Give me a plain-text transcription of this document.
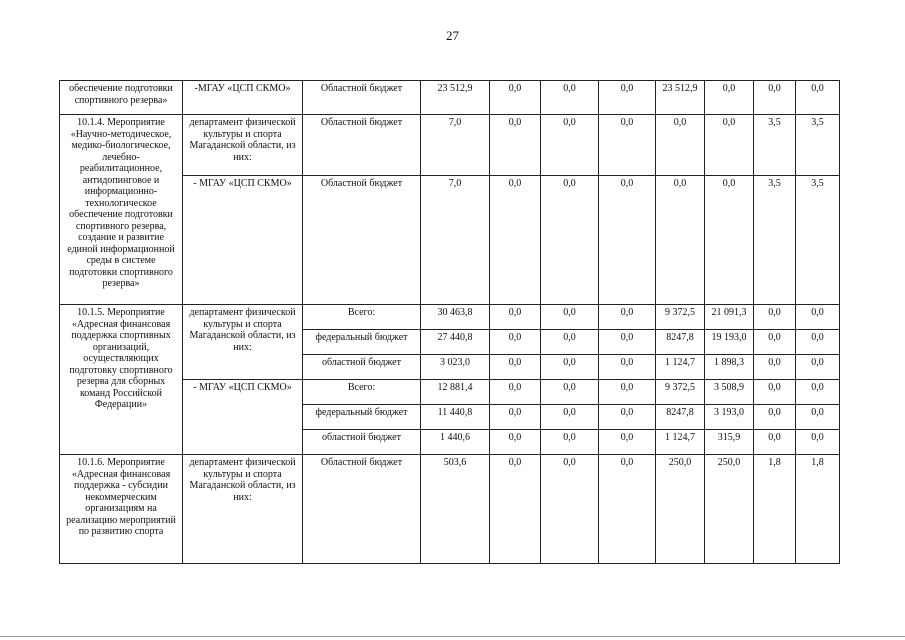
27
обеспечение подготовки спортивного резерва»	-МГАУ «ЦСП СКМО»	Областной бюджет	23 512,9	0,0	0,0	0,0	23 512,9	0,0	0,0	0,0
10.1.4. Мероприятие «Научно-методическое, медико-биологическое, лечебно-реабилитационное, антидопинговое и информационно-технологическое обеспечение подготовки спортивного резерва, создание и развитие единой информационной среды в системе подготовки спортивного резерва»	департамент физической культуры и спорта Магаданской области, из них:	Областной бюджет	7,0	0,0	0,0	0,0	0,0	0,0	3,5	3,5
	- МГАУ «ЦСП СКМО»	Областной бюджет	7,0	0,0	0,0	0,0	0,0	0,0	3,5	3,5
10.1.5. Мероприятие «Адресная финансовая поддержка спортивных организаций, осуществляющих подготовку спортивного резерва для сборных команд Российской Федерации»	департамент физической культуры и спорта Магаданской области, из них:	Всего:	30 463,8	0,0	0,0	0,0	9 372,5	21 091,3	0,0	0,0
		федеральный бюджет	27 440,8	0,0	0,0	0,0	8247,8	19 193,0	0,0	0,0
		областной бюджет	3 023,0	0,0	0,0	0,0	1 124,7	1 898,3	0,0	0,0
	- МГАУ «ЦСП СКМО»	Всего:	12 881,4	0,0	0,0	0,0	9 372,5	3 508,9	0,0	0,0
		федеральный бюджет	11 440,8	0,0	0,0	0,0	8247,8	3 193,0	0,0	0,0
		областной бюджет	1 440,6	0,0	0,0	0,0	1 124,7	315,9	0,0	0,0
10.1.6. Мероприятие «Адресная финансовая поддержка - субсидии некоммерческим организациям на реализацию мероприятий по развитию спорта	департамент физической культуры и спорта Магаданской области, из них:	Областной бюджет	503,6	0,0	0,0	0,0	250,0	250,0	1,8	1,8
